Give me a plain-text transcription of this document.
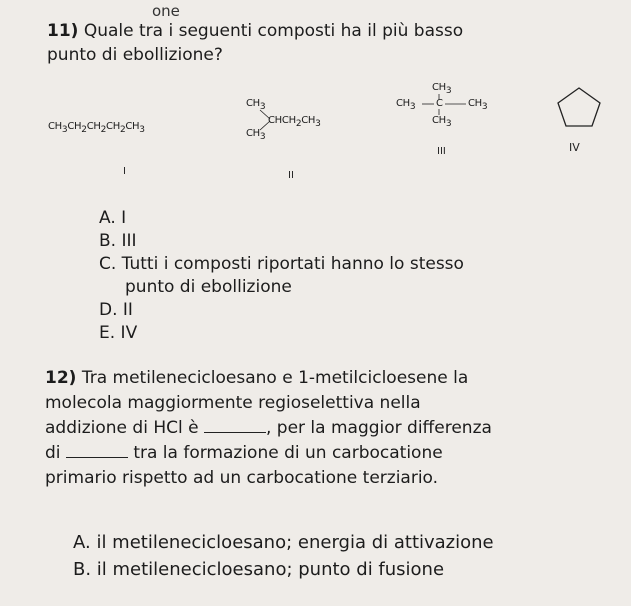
one
11) Quale tra i seguenti composti ha il più basso
punto di ebollizione?
$CH_3CH_2CH_2CH_2CH_3$
I
$CH_3$
$CHCH_2CH_3$
$CH_3$
II
$CH_3$
$CH_3$ C	$CH_3$
$CH_3$
III	IV
A. I
B. III
C. Tutti i composti riportati hanno lo stesso
punto di ebollizione
D. II
E. IV
12) Tra metilenecicloesano e 1-metilcicloesene la
molecola maggiormente regioselettiva nella
addizione di HCl è	, per la maggior differenza
di	tra la formazione di un carbocatione
primario rispetto ad un carbocatione terziario.
A. il metilenecicloesano; energia di attivazione
B. il metilenecicloesano; punto di fusione
